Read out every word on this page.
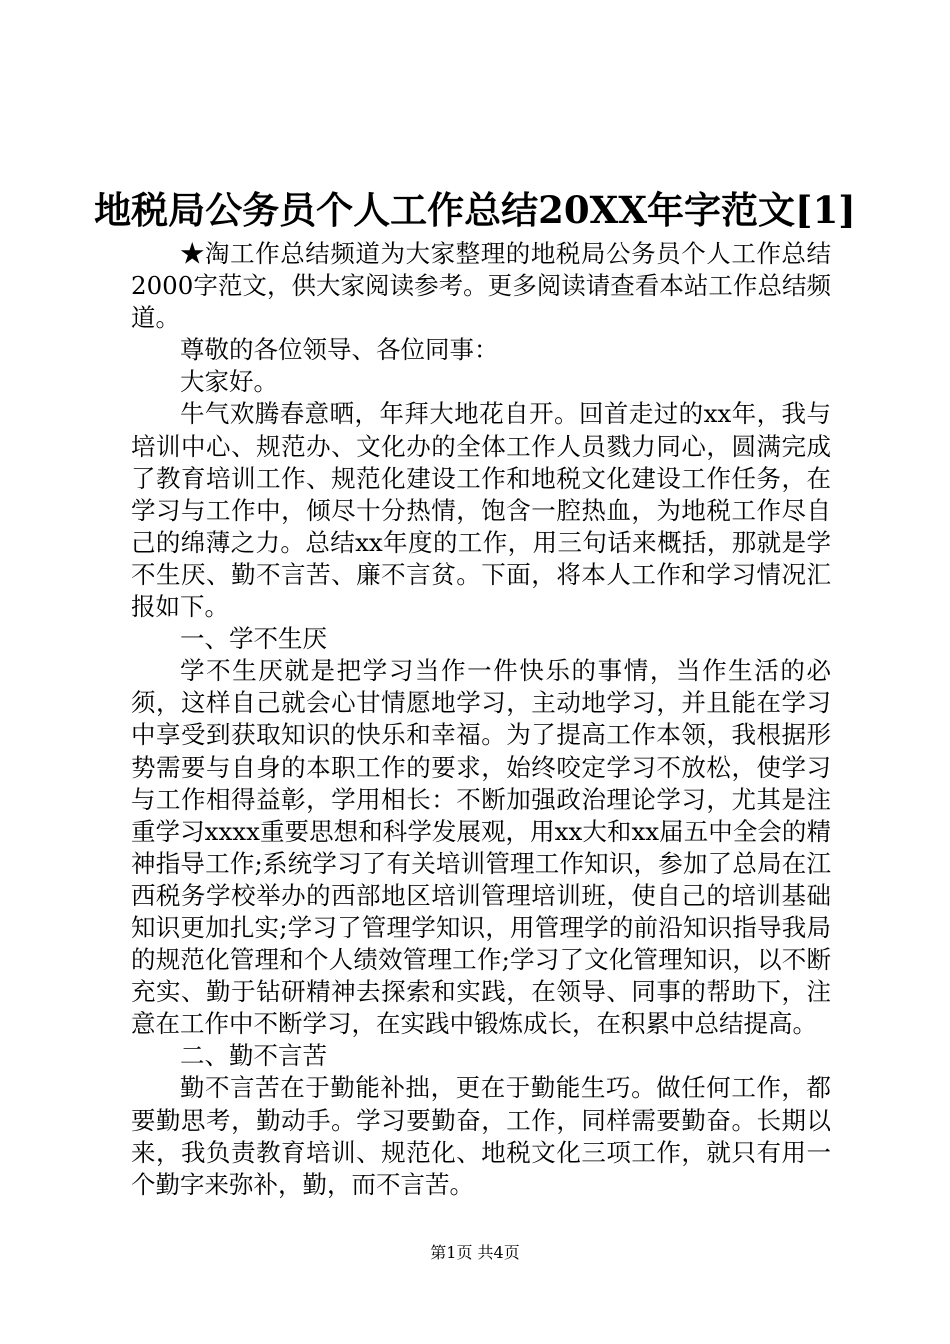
地税局公务员个人工作总结20XX年字范文[1]

★淘工作总结频道为大家整理的地税局公务员个人工作总结2000字范文，供大家阅读参考。更多阅读请查看本站工作总结频道。

尊敬的各位领导、各位同事：

大家好。

牛气欢腾春意晒，年拜大地花自开。回首走过的xx年，我与培训中心、规范办、文化办的全体工作人员戮力同心，圆满完成了教育培训工作、规范化建设工作和地税文化建设工作任务，在学习与工作中，倾尽十分热情，饱含一腔热血，为地税工作尽自己的绵薄之力。总结xx年度的工作，用三句话来概括，那就是学不生厌、勤不言苦、廉不言贫。下面，将本人工作和学习情况汇报如下。

一、学不生厌

学不生厌就是把学习当作一件快乐的事情，当作生活的必须，这样自己就会心甘情愿地学习，主动地学习，并且能在学习中享受到获取知识的快乐和幸福。为了提高工作本领，我根据形势需要与自身的本职工作的要求，始终咬定学习不放松，使学习与工作相得益彰，学用相长：不断加强政治理论学习，尤其是注重学习xxxx重要思想和科学发展观，用xx大和xx届五中全会的精神指导工作;系统学习了有关培训管理工作知识，参加了总局在江西税务学校举办的西部地区培训管理培训班，使自己的培训基础知识更加扎实;学习了管理学知识，用管理学的前沿知识指导我局的规范化管理和个人绩效管理工作;学习了文化管理知识，以不断充实、勤于钻研精神去探索和实践，在领导、同事的帮助下，注意在工作中不断学习，在实践中锻炼成长，在积累中总结提高。

二、勤不言苦

勤不言苦在于勤能补拙，更在于勤能生巧。做任何工作，都要勤思考，勤动手。学习要勤奋，工作，同样需要勤奋。长期以来，我负责教育培训、规范化、地税文化三项工作，就只有用一个勤字来弥补，勤，而不言苦。

第1页 共4页
